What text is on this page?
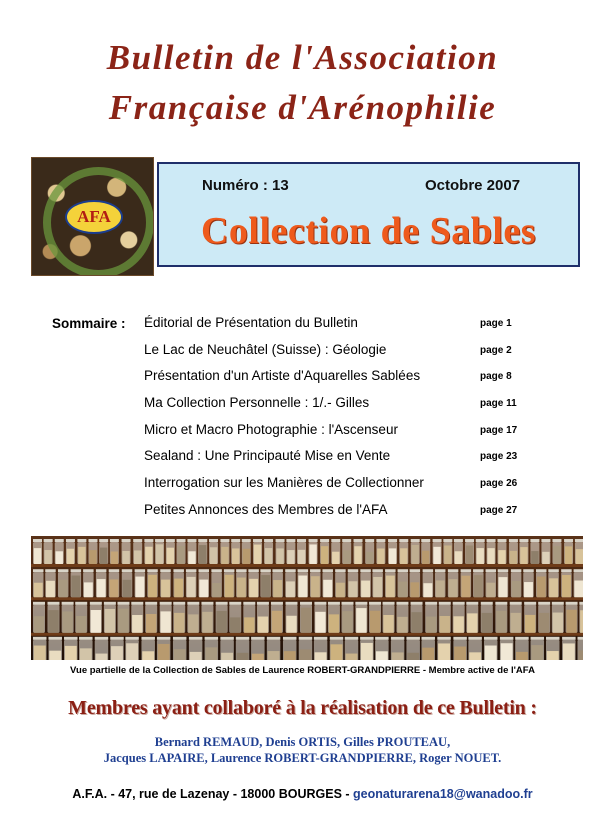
Bulletin de l'Association
Française d'Arénophilie
AFA
Numéro : 13	Octobre 2007
Collection de Sables
Sommaire : Éditorial de Présentation du Bulletin	page 1
Le Lac de Neuchâtel (Suisse) : Géologie	page 2
Présentation d'un Artiste d'Aquarelles Sablées	page 8
Ma Collection Personnelle : 1/.- Gilles	page 11
Micro et Macro Photographie : l'Ascenseur	page 17
Sealand : Une Principauté Mise en Vente	page 23
Interrogation sur les Manières de Collectionner	page 26
Petites Annonces des Membres de l'AFA	page 27
Vue partielle de la Collection de Sables de Laurence ROBERT-GRANDPIERRE - Membre active de l'AFA
Membres ayant collaboré à la réalisation de ce Bulletin :
Bernard REMAUD, Denis ORTIS, Gilles PROUTEAU,
Jacques LAPAIRE, Laurence ROBERT-GRANDPIERRE, Roger NOUET.
A.F.A. - 47, rue de Lazenay - 18000 BOURGES - geonaturarena18@wanadoo.fr
